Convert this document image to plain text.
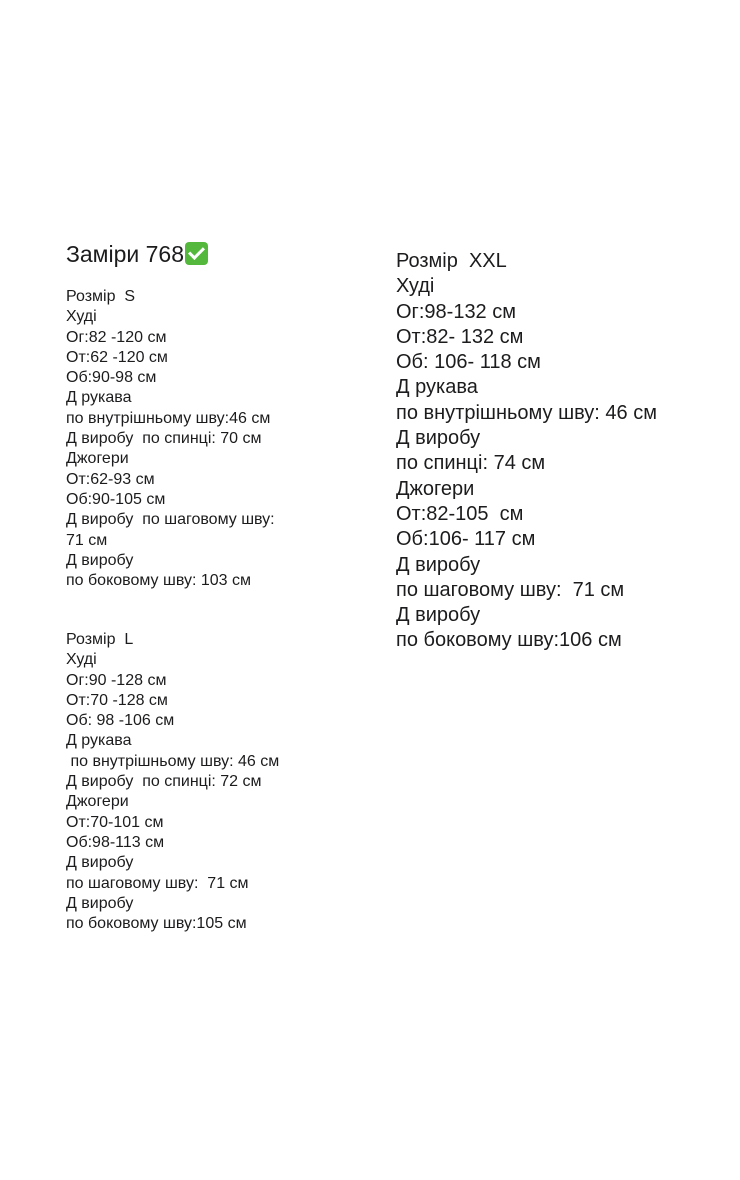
Заміри 768
Розмір  S
Худі
Ог:82 -120 см
От:62 -120 см
Об:90-98 см
Д рукава
по внутрішньому шву:46 см
Д виробу  по спинці: 70 см
Джогери
От:62-93 см
Об:90-105 см
Д виробу  по шаговому шву:
71 см
Д виробу
по боковому шву: 103 см
Розмір  L
Худі
Ог:90 -128 см
От:70 -128 см
Об: 98 -106 см
Д рукава
по внутрішньому шву: 46 см
Д виробу  по спинці: 72 см
Джогери
От:70-101 см
Об:98-113 см
Д виробу
по шаговому шву:  71 см
Д виробу
по боковому шву:105 см
Розмір  XXL
Худі
Ог:98-132 см
От:82- 132 см
Об: 106- 118 см
Д рукава
по внутрішньому шву: 46 см
Д виробу
по спинці: 74 см
Джогери
От:82-105  см
Об:106- 117 см
Д виробу
по шаговому шву:  71 см
Д виробу
по боковому шву:106 см
